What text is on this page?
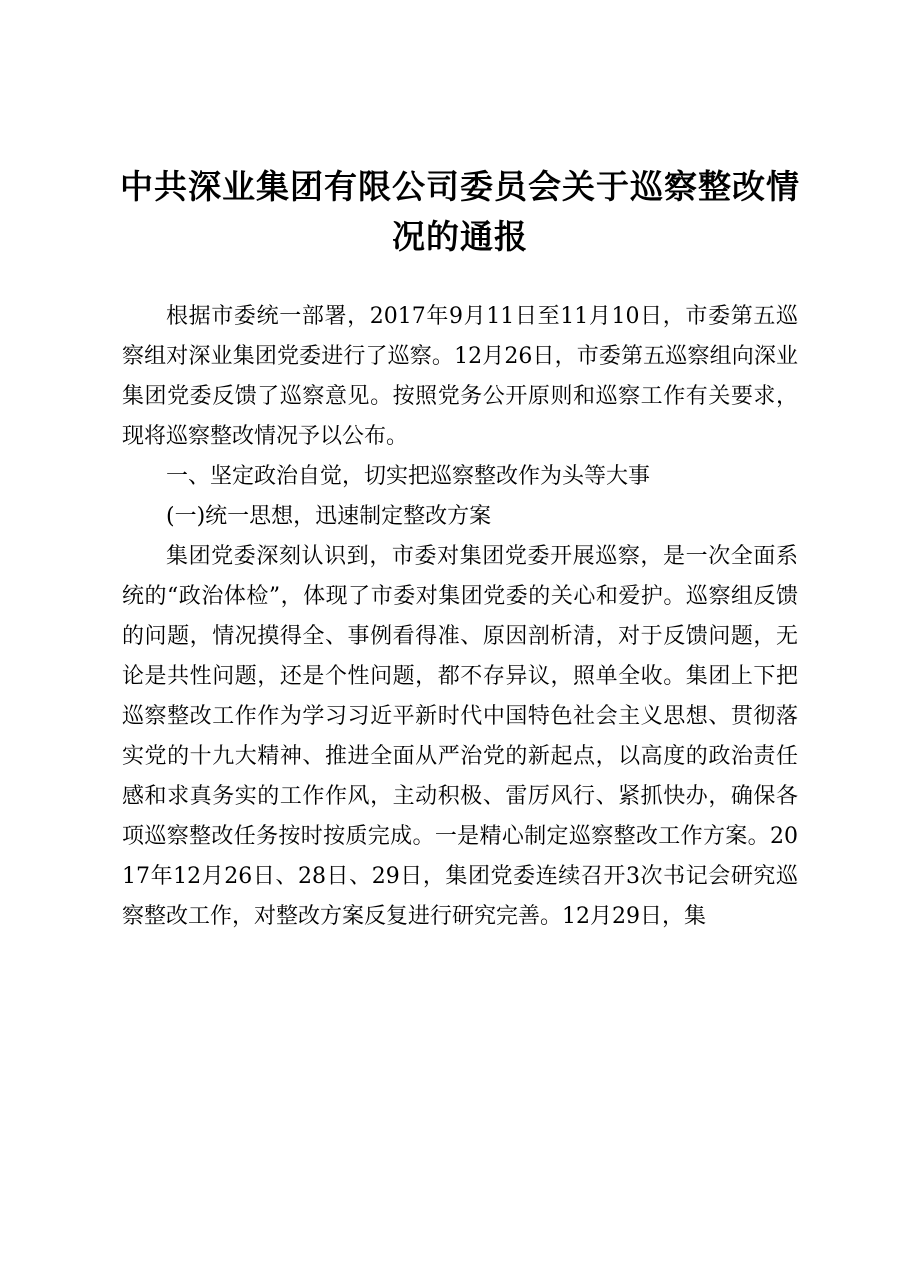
中共深业集团有限公司委员会关于巡察整改情况的通报

根据市委统一部署，2017年9月11日至11月10日，市委第五巡察组对深业集团党委进行了巡察。12月26日，市委第五巡察组向深业集团党委反馈了巡察意见。按照党务公开原则和巡察工作有关要求，现将巡察整改情况予以公布。

一、坚定政治自觉，切实把巡察整改作为头等大事

(一)统一思想，迅速制定整改方案

集团党委深刻认识到，市委对集团党委开展巡察，是一次全面系统的“政治体检”，体现了市委对集团党委的关心和爱护。巡察组反馈的问题，情况摸得全、事例看得准、原因剖析清，对于反馈问题，无论是共性问题，还是个性问题，都不存异议，照单全收。集团上下把巡察整改工作作为学习习近平新时代中国特色社会主义思想、贯彻落实党的十九大精神、推进全面从严治党的新起点，以高度的政治责任感和求真务实的工作作风，主动积极、雷厉风行、紧抓快办，确保各项巡察整改任务按时按质完成。一是精心制定巡察整改工作方案。2017年12月26日、28日、29日，集团党委连续召开3次书记会研究巡察整改工作，对整改方案反复进行研究完善。12月29日，集
